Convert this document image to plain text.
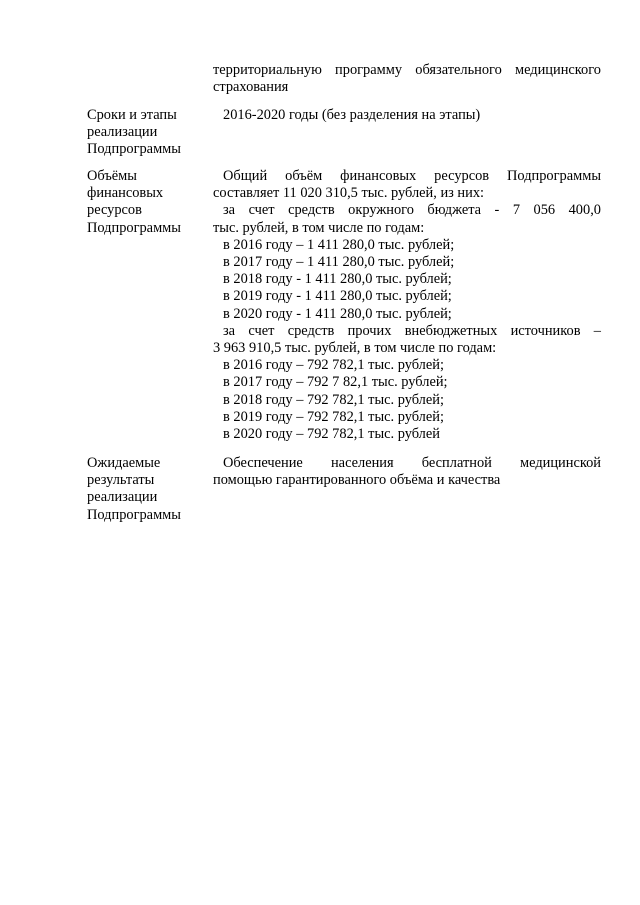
территориальную программу обязательного медицинского
страхования
Сроки и этапы
реализации
Подпрограммы
2016-2020 годы (без разделения на этапы)
Объёмы
финансовых
ресурсов
Подпрограммы
Общий объём финансовых ресурсов Подпрограммы
составляет 11 020 310,5 тыс. рублей, из них:
за счет средств окружного бюджета - 7 056 400,0
тыс. рублей, в том числе по годам:
в 2016 году – 1 411 280,0 тыс. рублей;
в 2017 году – 1 411 280,0 тыс. рублей;
в 2018 году - 1 411 280,0 тыс. рублей;
в 2019 году - 1 411 280,0 тыс. рублей;
в 2020 году - 1 411 280,0 тыс. рублей;
за счет средств прочих внебюджетных источников –
3 963 910,5 тыс. рублей, в том числе по годам:
в 2016 году – 792 782,1 тыс. рублей;
в 2017 году – 792 7 82,1 тыс. рублей;
в 2018 году – 792 782,1 тыс. рублей;
в 2019 году – 792 782,1 тыс. рублей;
в 2020 году – 792 782,1 тыс. рублей
Ожидаемые
результаты
реализации
Подпрограммы
Обеспечение населения бесплатной медицинской
помощью гарантированного объёма и качества
